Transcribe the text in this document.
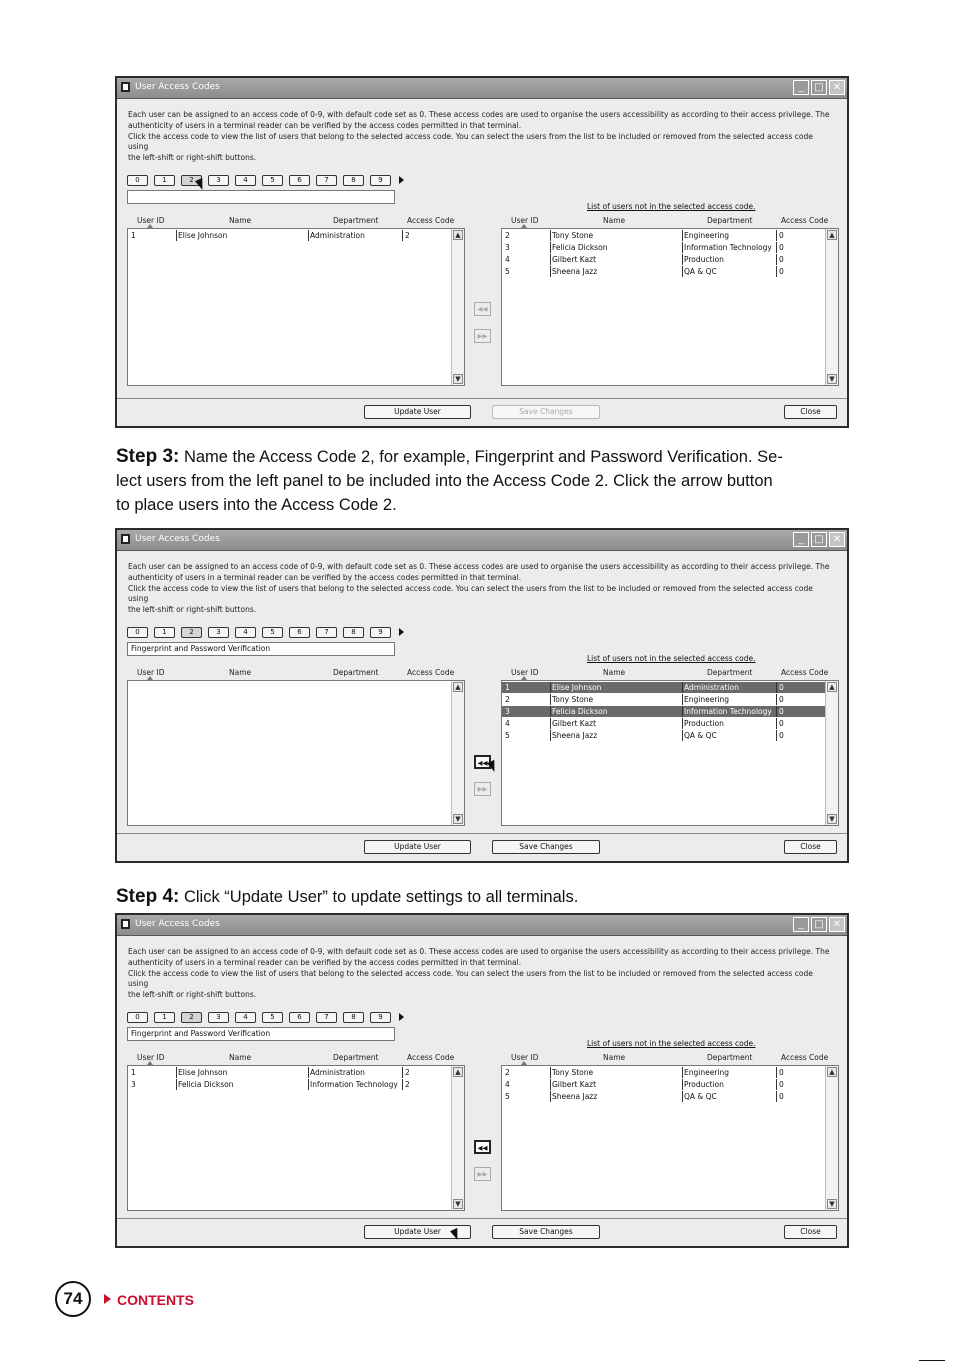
User Access Codes	_	□ ✕
Each user can be assigned to an access code of 0-9, with default code set as 0. These access codes are used to organise the users accessibility as according to their access privilege. The
authenticity of users in a terminal reader can be verified by the access codes permitted in that terminal.
Click the access code to view the list of users that belong to the selected access code. You can select the users from the list to be included or removed from the selected access code using
the left-shift or right-shift buttons.
0	1	2	3	4	5	6	7	8	9
List of users not in the selected access code.
User ID	Name	Department	Access Code	User ID	Name	Department	Access Code
1	Elise Johnson	Administration	2	▲
▼
◀◀
▶▶
2	Tony Stone	Engineering	0
3	Felicia Dickson	Information Technology 0
4	Gilbert Kazt	Production	0
5	Sheena Jazz	QA & QC	0
▲
▼
Update User	Save Changes	Close
Step 3: Name the Access Code 2, for example, Fingerprint and Password Verification. Se-
lect users from the left panel to be included into the Access Code 2. Click the arrow button
to place users into the Access Code 2.
User Access Codes	_	□ ✕
Each user can be assigned to an access code of 0-9, with default code set as 0. These access codes are used to organise the users accessibility as according to their access privilege. The
authenticity of users in a terminal reader can be verified by the access codes permitted in that terminal.
Click the access code to view the list of users that belong to the selected access code. You can select the users from the list to be included or removed from the selected access code using
the left-shift or right-shift buttons.
0	1	2	3	4	5	6	7	8	9
Fingerprint and Password Verification
List of users not in the selected access code.
User ID	Name	Department	Access Code	User ID	Name	Department	Access Code
▲
▼
◀◀
▶▶
1	Elise Johnson	Administration	0
2	Tony Stone	Engineering	0
3	Felicia Dickson	Information Technology 0
4	Gilbert Kazt	Production	0
5	Sheena Jazz	QA & QC	0
▲
▼
Update User	Save Changes	Close
Step 4: Click “Update User” to update settings to all terminals.
User Access Codes	_	□ ✕
Each user can be assigned to an access code of 0-9, with default code set as 0. These access codes are used to organise the users accessibility as according to their access privilege. The
authenticity of users in a terminal reader can be verified by the access codes permitted in that terminal.
Click the access code to view the list of users that belong to the selected access code. You can select the users from the list to be included or removed from the selected access code using
the left-shift or right-shift buttons.
0	1	2	3	4	5	6	7	8	9
Fingerprint and Password Verification
List of users not in the selected access code.
User ID	Name	Department	Access Code	User ID	Name	Department	Access Code
1	Elise Johnson	Administration	2
3	Felicia Dickson	Information Technology 2
▲
▼
◀◀
▶▶
2	Tony Stone	Engineering	0
4	Gilbert Kazt	Production	0
5	Sheena Jazz	QA & QC	0
▲
▼
Update User	Save Changes	Close
74	CONTENTS
